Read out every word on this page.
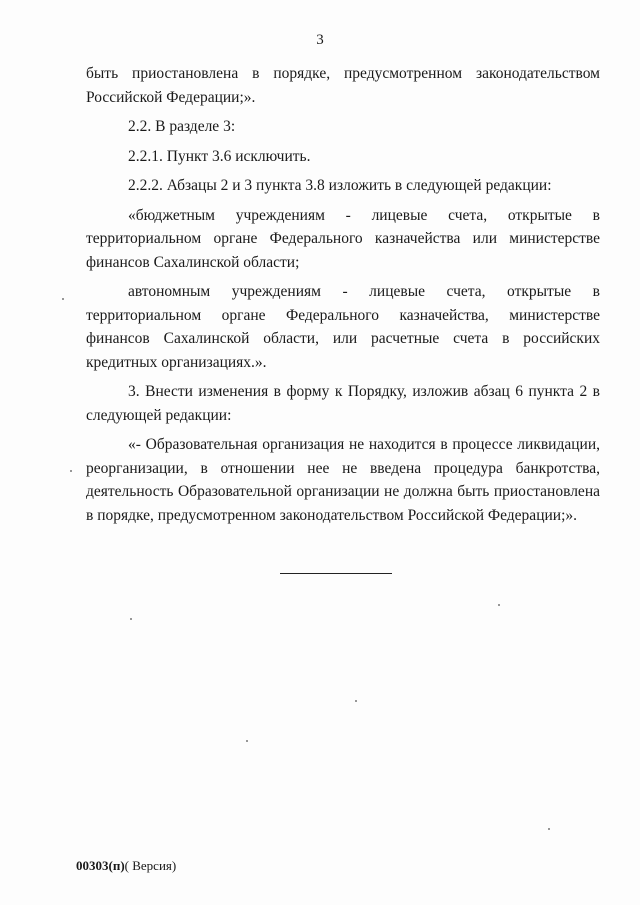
3

быть приостановлена в порядке, предусмотренном законодательством Российской Федерации;».

2.2. В разделе 3:

2.2.1. Пункт 3.6 исключить.

2.2.2. Абзацы 2 и 3 пункта 3.8 изложить в следующей редакции:

«бюджетным учреждениям - лицевые счета, открытые в территориальном органе Федерального казначейства или министерстве финансов Сахалинской области;

автономным учреждениям - лицевые счета, открытые в территориальном органе Федерального казначейства, министерстве финансов Сахалинской области, или расчетные счета в российских кредитных организациях.».

3. Внести изменения в форму к Порядку, изложив абзац 6 пункта 2 в следующей редакции:

«- Образовательная организация не находится в процессе ликвидации, реорганизации, в отношении нее не введена процедура банкротства, деятельность Образовательной организации не должна быть приостановлена в порядке, предусмотренном законодательством Российской Федерации;».

00303(п)( Версия)
